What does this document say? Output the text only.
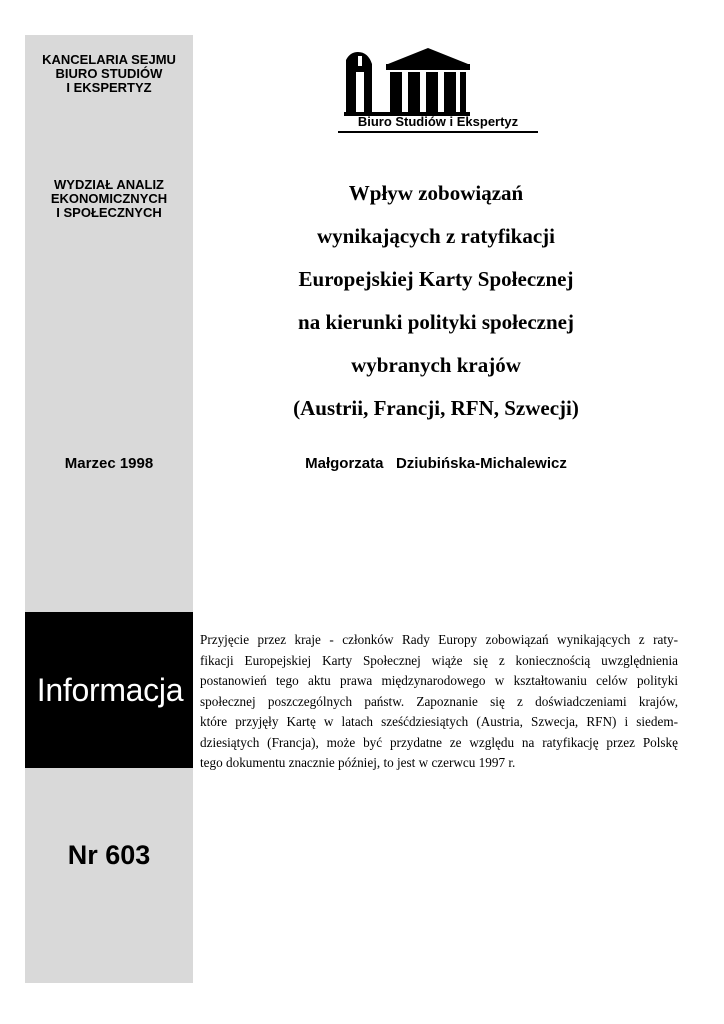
KANCELARIA SEJMU
BIURO STUDIÓW
I EKSPERTYZ
WYDZIAŁ ANALIZ
EKONOMICZNYCH
I SPOŁECZNYCH
Marzec 1998
Informacja
Nr 603
Biuro Studiów i Ekspertyz
Wpływ zobowiązań
wynikających z ratyfikacji
Europejskiej Karty Społecznej
na kierunki polityki społecznej
wybranych krajów
(Austrii, Francji, RFN, Szwecji)
Małgorzata   Dziubińska-Michalewicz
Przyjęcie przez kraje - członków Rady Europy zobowiązań wynikających z raty-
fikacji Europejskiej Karty Społecznej wiąże się z koniecznością uwzględnienia
postanowień tego aktu prawa międzynarodowego w kształtowaniu celów polityki
społecznej poszczególnych państw. Zapoznanie się z doświadczeniami krajów,
które przyjęły Kartę w latach sześćdziesiątych (Austria, Szwecja, RFN) i siedem-
dziesiątych (Francja), może być przydatne ze względu na ratyfikację przez Polskę
tego dokumentu znacznie później, to jest w czerwcu 1997 r.
